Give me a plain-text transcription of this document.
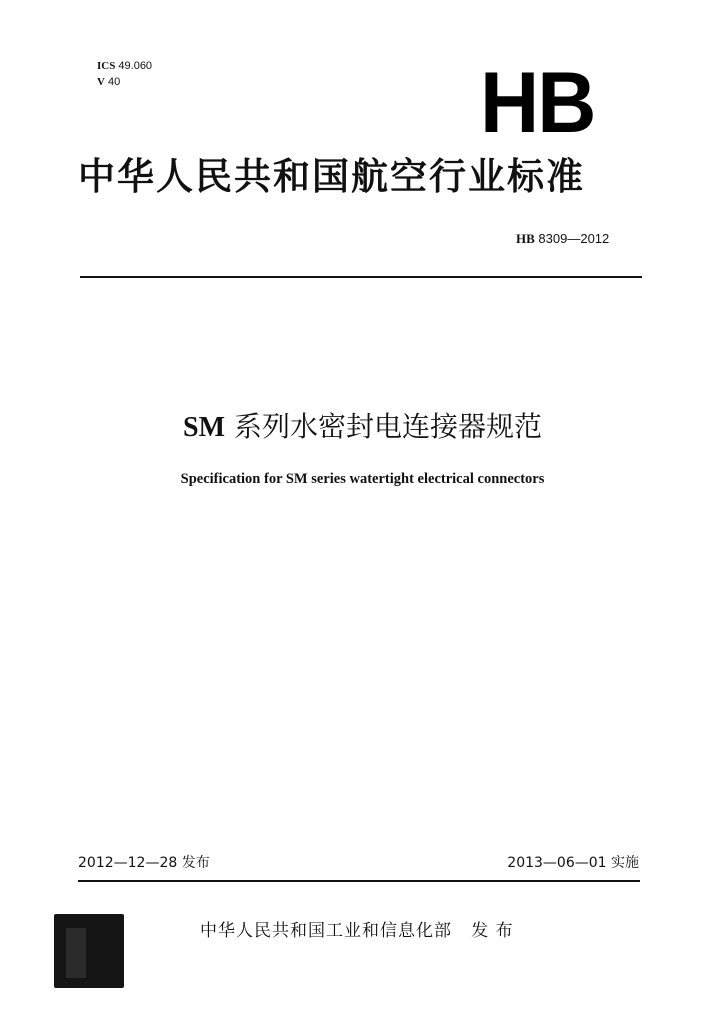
ICS 49.060
V 40	HB
中华人民共和国航空行业标准
HB 8309—2012
SM 系列水密封电连接器规范
Specification for SM series watertight electrical connectors
2012—12—28 发布	2013—06—01 实施
中华人民共和国工业和信息化部 发 布
